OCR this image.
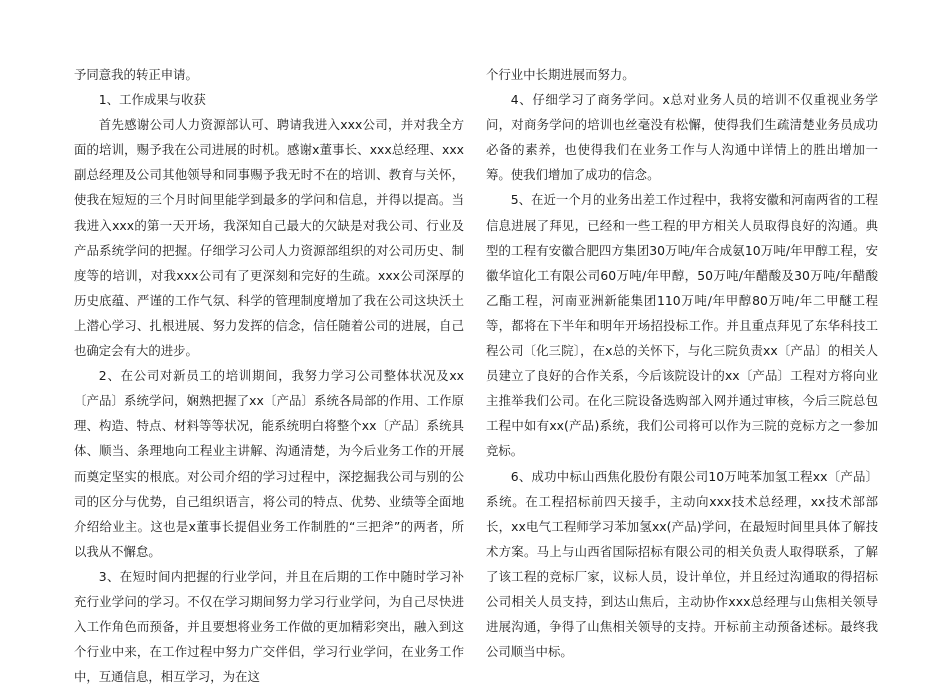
予同意我的转正申请。

1、工作成果与收获

首先感谢公司人力资源部认可、聘请我进入xxx公司，并对我全方面的培训，赐予我在公司进展的时机。感谢x董事长、xxx总经理、xxx副总经理及公司其他领导和同事赐予我无时不在的培训、教育与关怀，使我在短短的三个月时间里能学到最多的学问和信息，并得以提高。当我进入xxx的第一天开场，我深知自己最大的欠缺是对我公司、行业及产品系统学问的把握。仔细学习公司人力资源部组织的对公司历史、制度等的培训，对我xxx公司有了更深刻和完好的生疏。xxx公司深厚的历史底蕴、严谨的工作气氛、科学的管理制度增加了我在公司这块沃土上潜心学习、扎根进展、努力发挥的信念，信任随着公司的进展，自己也确定会有大的进步。

2、在公司对新员工的培训期间，我努力学习公司整体状况及xx〔产品〕系统学问，娴熟把握了xx〔产品〕系统各局部的作用、工作原理、构造、特点、材料等等状况，能系统明白将整个xx〔产品〕系统具体、顺当、条理地向工程业主讲解、沟通清楚，为今后业务工作的开展而奠定坚实的根底。对公司介绍的学习过程中，深挖掘我公司与别的公司的区分与优势，自己组织语言，将公司的特点、优势、业绩等全面地介绍给业主。这也是x董事长提倡业务工作制胜的“三把斧”的两者，所以我从不懈怠。

3、在短时间内把握的行业学问，并且在后期的工作中随时学习补充行业学问的学习。不仅在学习期间努力学习行业学问，为自己尽快进入工作角色而预备，并且要想将业务工作做的更加精彩突出，融入到这个行业中来，在工作过程中努力广交伴侣，学习行业学问，在业务工作中，互通信息，相互学习，为在这

个行业中长期进展而努力。

4、仔细学习了商务学问。x总对业务人员的培训不仅重视业务学问，对商务学问的培训也丝毫没有松懈，使得我们生疏清楚业务员成功必备的素养，也使得我们在业务工作与人沟通中详情上的胜出增加一筹。使我们增加了成功的信念。

5、在近一个月的业务出差工作过程中，我将安徽和河南两省的工程信息进展了拜见，已经和一些工程的甲方相关人员取得良好的沟通。典型的工程有安徽合肥四方集团30万吨/年合成氨10万吨/年甲醇工程，安徽华谊化工有限公司60万吨/年甲醇，50万吨/年醋酸及30万吨/年醋酸乙酯工程，河南亚洲新能集团110万吨/年甲醇80万吨/年二甲醚工程等，都将在下半年和明年开场招投标工作。并且重点拜见了东华科技工程公司〔化三院〕，在x总的关怀下，与化三院负责xx〔产品〕的相关人员建立了良好的合作关系，今后该院设计的xx〔产品〕工程对方将向业主推举我们公司。在化三院设备选购部入网并通过审核，今后三院总包工程中如有xx(产品)系统，我们公司将可以作为三院的竞标方之一参加竞标。

6、成功中标山西焦化股份有限公司10万吨苯加氢工程xx〔产品〕系统。在工程招标前四天接手，主动向xxx技术总经理，xx技术部部长，xx电气工程师学习苯加氢xx(产品)学问，在最短时间里具体了解技术方案。马上与山西省国际招标有限公司的相关负责人取得联系，了解了该工程的竞标厂家，议标人员，设计单位，并且经过沟通取的得招标公司相关人员支持，到达山焦后，主动协作xxx总经理与山焦相关领导进展沟通，争得了山焦相关领导的支持。开标前主动预备述标。最终我公司顺当中标。
